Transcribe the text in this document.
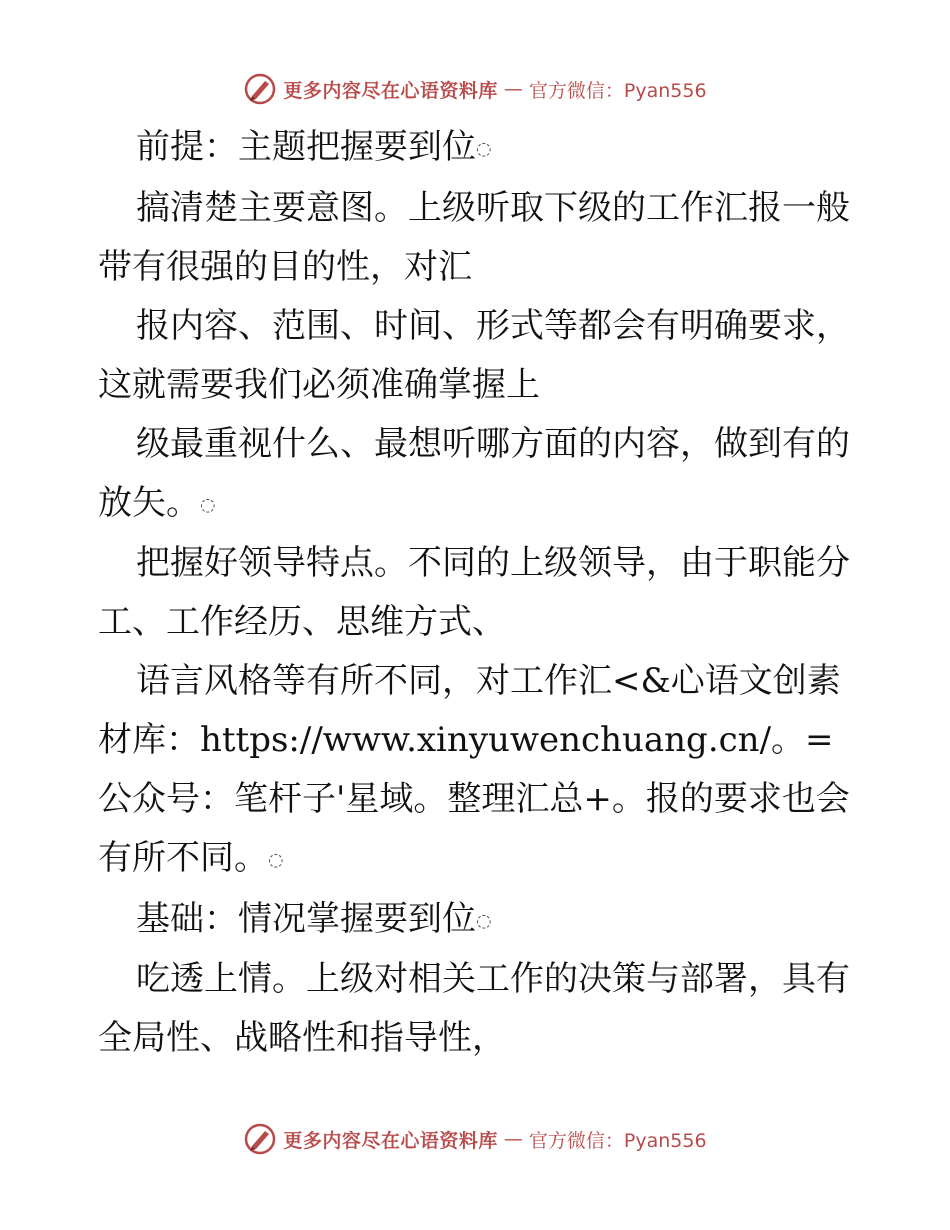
更多内容尽在心语资料库 — 官方微信：Pyan556

前提：主题把握要到位◌

搞清楚主要意图。上级听取下级的工作汇报一般带有很强的目的性，对汇

报内容、范围、时间、形式等都会有明确要求，这就需要我们必须准确掌握上

级最重视什么、最想听哪方面的内容，做到有的放矢。◌

把握好领导特点。不同的上级领导，由于职能分工、工作经历、思维方式、

语言风格等有所不同，对工作汇<&心语文创素材库：https://www.xinyuwenchuang.cn/。=公众号：笔杆子'星域。整理汇总+。报的要求也会有所不同。◌

基础：情况掌握要到位◌

吃透上情。上级对相关工作的决策与部署，具有全局性、战略性和指导性，

更多内容尽在心语资料库 — 官方微信：Pyan556
